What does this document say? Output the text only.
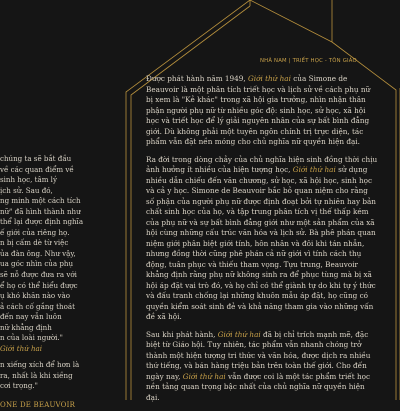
NHÃ NAM | TRIẾT HỌC - TÔN GIÁO
chúng ta sẽ bắt đầu
về các quan điểm về
sinh học, tâm lý
ịch sử. Sau đó,
ng minh một cách tích
nữ" đã hình thành như
thể lại được định nghĩa
ế giới của riêng họ.
n bị cấm dè từ việc
ủa đàn ông. Như vậy,
ua góc nhìn của phụ
sẽ nỗ được đưa ra với
ể họ có thể hiểu được
ụ khó khăn nào vào
ả cách cố gắng thoát
đến nay vẫn luôn
nữ khẳng định
n của loài người."
Giới thứ hai
n xiếng xích để hơn là
ra, nhất là khi xiềng
cơi trọng."
ONE DE BEAUVOIR

Được phát hành năm 1949, Giới thứ hai của Simone de Beauvoir là một phân tích triết học và lịch sử về cách phụ nữ bị xem là "Kẻ khác" trong xã hội gia trưởng, nhìn nhận thân phận người phụ nữ từ nhiều góc độ: sinh học, sử học, xã hội học và triết học để lý giải nguyên nhân của sự bất bình đẳng giới. Dù không phải một tuyên ngôn chính trị trực diện, tác phẩm vẫn đặt nền móng cho chủ nghĩa nữ quyền hiện đại.

Ra đời trong dòng chảy của chủ nghĩa hiện sinh đồng thời chịu ảnh hưởng ít nhiều của hiện tượng học, Giới thứ hai sử dụng nhiều dẫn chiếu đến văn chương, sử học, xã hội học, sinh học và cả y học. Simone de Beauvoir bắc bỏ quan niệm cho rằng số phận của người phụ nữ được định đoạt bởi tự nhiên hay bản chất sinh học của họ, và tập trung phân tích vị thế thấp kém của phụ nữ và sự bất bình đẳng giới như một sản phẩm của xã hội cùng những cấu trúc văn hóa và lịch sử. Bà phê phán quan niệm giới phân biệt giới tính, hôn nhân và đôi khi tán nhẫn, nhưng đồng thời cũng phê phán cả nữ giới vì tính cách thụ động, tuân phục và thiếu tham vọng. Tựu trung, Beauvoir khẳng định rằng phụ nữ không sinh ra để phục tùng mà bị xã hội áp đặt vai trò đó, và họ chỉ có thể giành tự do khi tự ý thức và đấu tranh chống lại những khuôn mẫu áp đặt, họ cũng có quyền kiểm soát sinh đẻ và khả năng tham gia vào những vấn đề xã hội.

Sau khi phát hành, Giới thứ hai đã bị chỉ trích mạnh mẽ, đặc biệt từ Giáo hội. Tuy nhiên, tác phẩm vẫn nhanh chóng trở thành một hiện tượng tri thức và văn hóa, được dịch ra nhiều thứ tiếng, và bán hàng triệu bản trên toàn thế giới. Cho đến ngày nay, Giới thứ hai vẫn được coi là một tác phẩm triết học nền tảng quan trọng bậc nhất của chủ nghĩa nữ quyền hiện đại.
